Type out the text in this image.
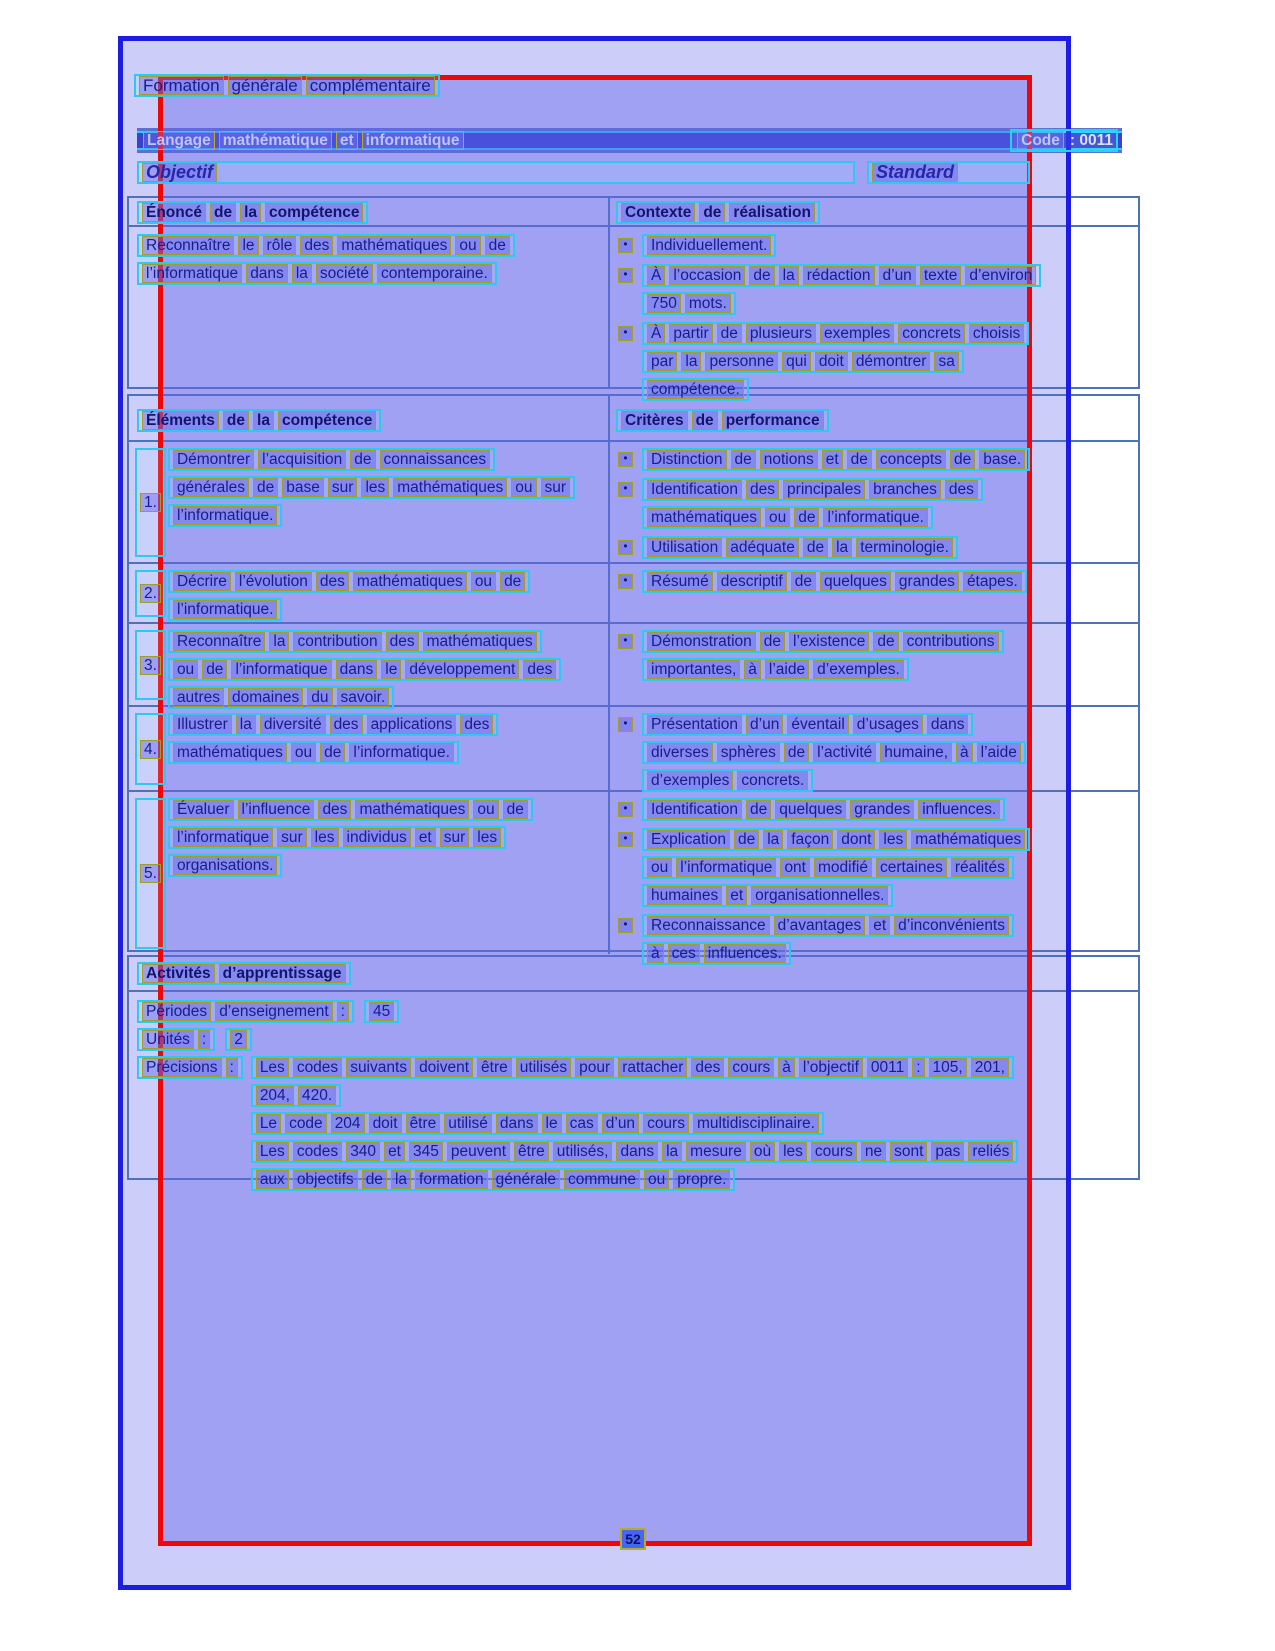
Langage mathématique et informatique	Code : 0011
Formation générale complémentaire
Objectif	Standard
Énoncé de la compétence	Contexte de réalisation
Reconnaître le rôle des mathématiques ou de
l’informatique dans la société contemporaine.
•	Individuellement.
•	À l’occasion de la rédaction d’un texte d’environ
750 mots.
•	À partir de plusieurs exemples concrets choisis
par la personne qui doit démontrer sa
compétence.
Éléments de la compétence	Critères de performance
1.
Démontrer l’acquisition de connaissances
générales de base sur les mathématiques ou sur
l’informatique.
•	Distinction de notions et de concepts de base.
•	Identification des principales branches des
mathématiques ou de l’informatique.
•	Utilisation adéquate de la terminologie.
2.
Décrire l’évolution des mathématiques ou de
l’informatique.
•	Résumé descriptif de quelques grandes étapes.
3.
Reconnaître la contribution des mathématiques
ou de l’informatique dans le développement des
autres domaines du savoir.
•	Démonstration de l’existence de contributions
importantes, à l’aide d’exemples.
4.
Illustrer la diversité des applications des
mathématiques ou de l’informatique.
•	Présentation d’un éventail d’usages dans
diverses sphères de l’activité humaine, à l’aide
d’exemples concrets.
5.
Évaluer l’influence des mathématiques ou de
l’informatique sur les individus et sur les
organisations.
•	Identification de quelques grandes influences.
•	Explication de la façon dont les mathématiques
ou l’informatique ont modifié certaines réalités
humaines et organisationnelles.
•	Reconnaissance d’avantages et d’inconvénients
à ces influences.
Activités d’apprentissage
Périodes d’enseignement : 45
Unités : 2
Précisions : Les codes suivants doivent être utilisés pour rattacher des cours à l’objectif 0011 : 105, 201,
204, 420.
Le code 204 doit être utilisé dans le cas d’un cours multidisciplinaire.
Les codes 340 et 345 peuvent être utilisés, dans la mesure où les cours ne sont pas reliés
aux objectifs de la formation générale commune ou propre.
52
